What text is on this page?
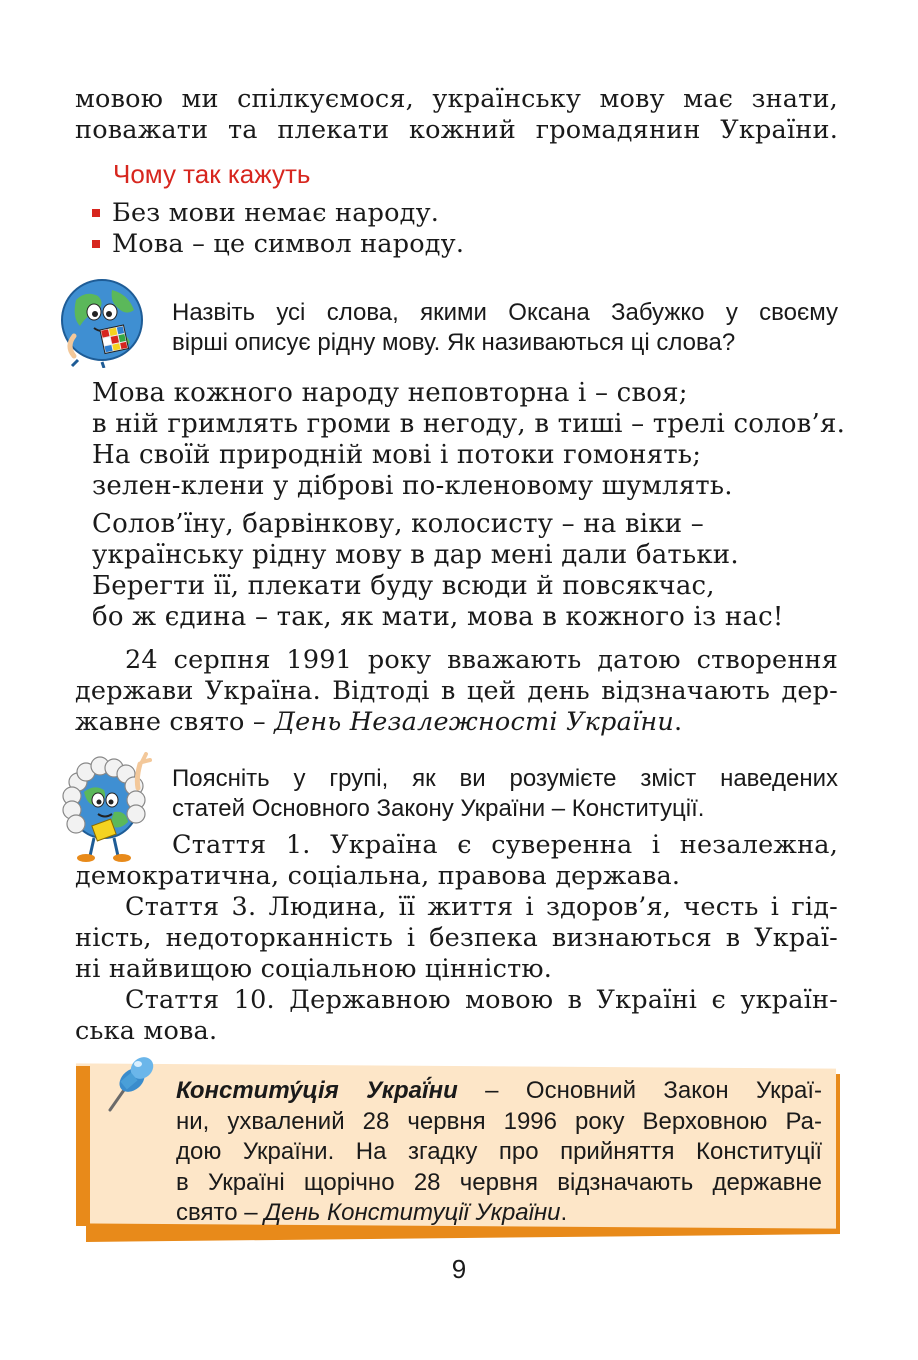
мовою ми спілкуємося, українську мову має знати,
поважати та плекати кожний громадянин України.
Чому так кажуть
Без мови немає народу.
Мова – це символ народу.
Назвіть усі слова, якими Оксана Забужко у своєму
вірші описує рідну мову. Як називаються ці слова?
Мова кожного народу неповторна і – своя;
в ній гримлять громи в негоду, в тиші – трелі солов’я.
На своїй природній мові і потоки гомонять;
зелен-клени у діброві по-кленовому шумлять.
Солов’їну, барвінкову, колосисту – на віки –
українську рідну мову в дар мені дали батьки.
Берегти її, плекати буду всюди й повсякчас,
бо ж єдина – так, як мати, мова в кожного із нас!
24 серпня 1991 року вважають датою створення
держави Україна. Відтоді в цей день відзначають дер-
жавне свято – День Незалежності України.
Поясніть у групі, як ви розумієте зміст наведених
статей Основного Закону України – Конституції.
Стаття 1. Україна є суверенна і незалежна,
демократична, соціальна, правова держава.
Стаття 3. Людина, її життя і здоров’я, честь і гід-
ність, недоторканність і безпека визнаються в Украї-
ні найвищою соціальною цінністю.
Стаття 10. Державною мовою в Україні є україн-
ська мова.
Конститу́ція Украї́ни – Основний Закон Украї-
ни, ухвалений 28 червня 1996 року Верховною Ра-
дою України. На згадку про прийняття Конституції
в Україні щорічно 28 червня відзначають державне
свято – День Конституції України.
9
